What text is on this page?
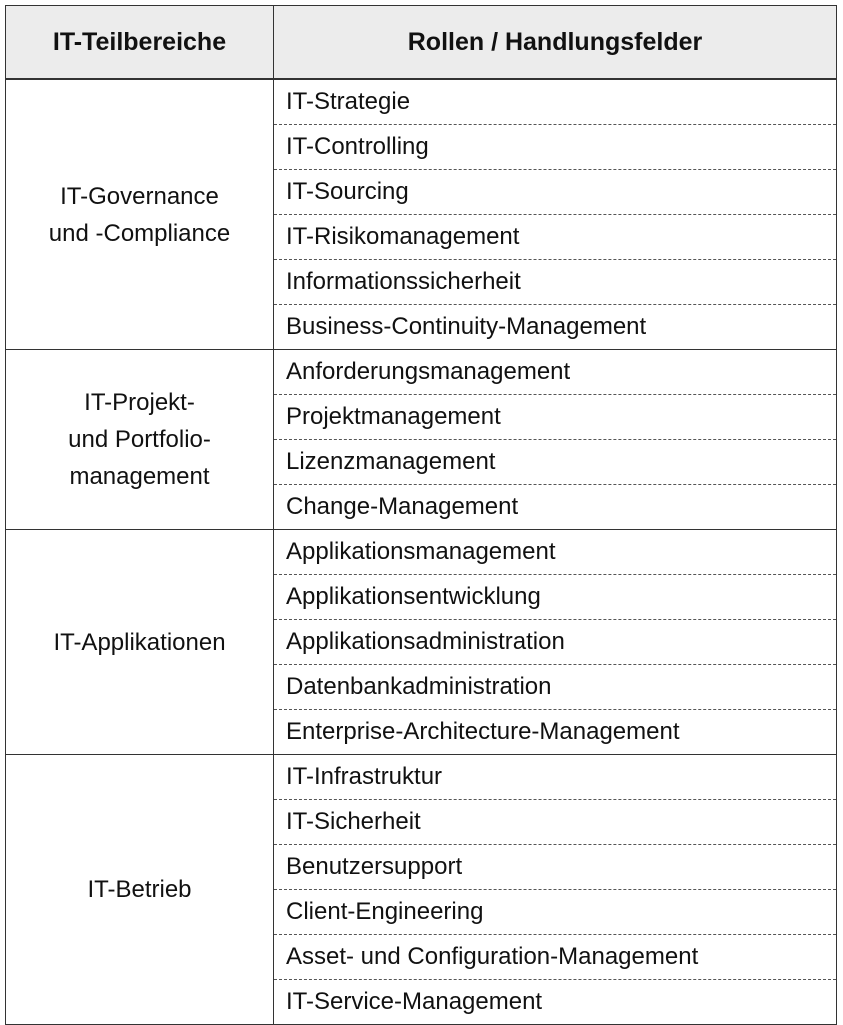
IT-Teilbereiche	Rollen / Handlungsfelder

IT-Governance
und -Compliance	IT-Strategie
	IT-Controlling
	IT-Sourcing
	IT-Risikomanagement
	Informationssicherheit
	Business-Continuity-Management

IT-Projekt-
und Portfolio-
management	Anforderungsmanagement
	Projektmanagement
	Lizenzmanagement
	Change-Management

IT-Applikationen	Applikationsmanagement
	Applikationsentwicklung
	Applikationsadministration
	Datenbankadministration
	Enterprise-Architecture-Management

IT-Betrieb	IT-Infrastruktur
	IT-Sicherheit
	Benutzersupport
	Client-Engineering
	Asset- und Configuration-Management
	IT-Service-Management
